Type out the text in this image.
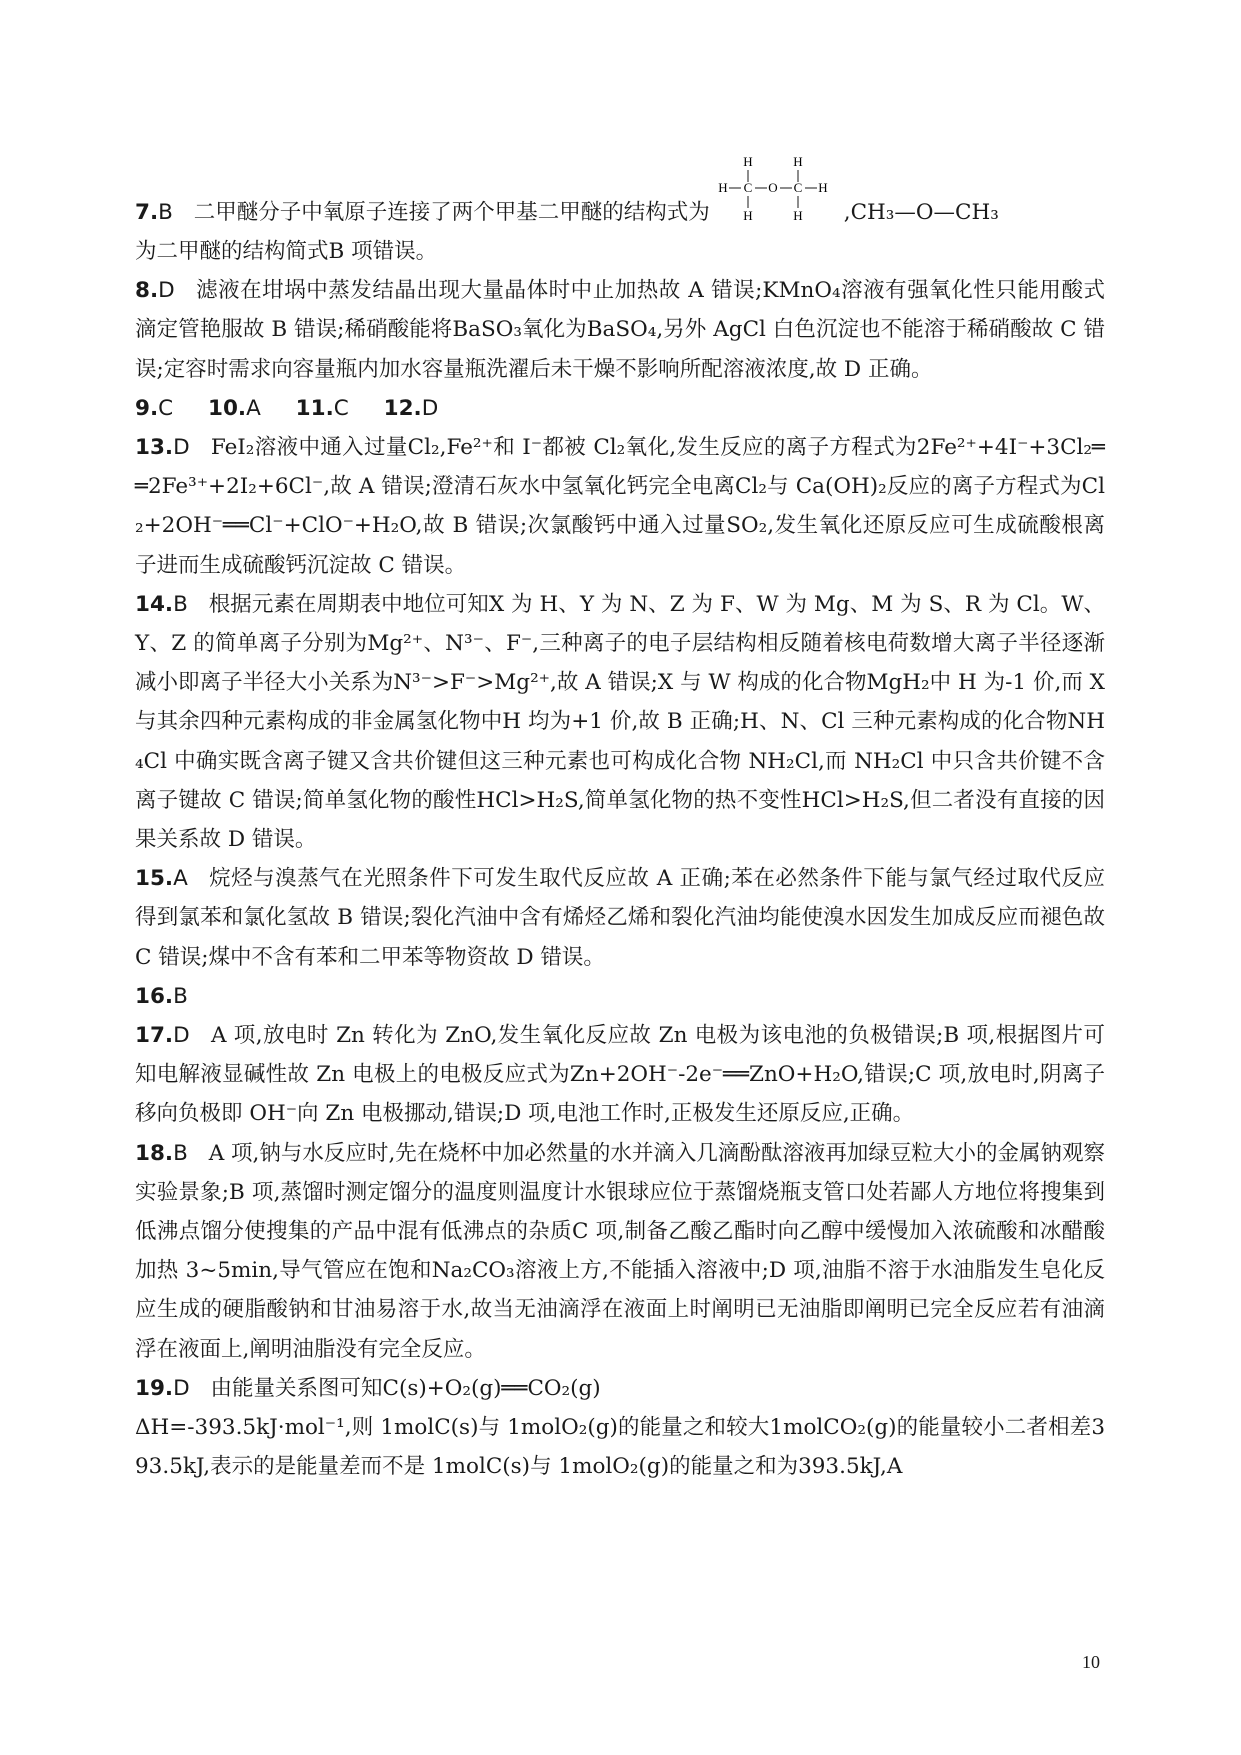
7.B 二甲醚分子中氧原子连接了两个甲基二甲醚的结构式为
H	H
H C O C H
H	H ,CH₃—O—CH₃

为二甲醚的结构简式B 项错误。

8.D 滤液在坩埚中蒸发结晶出现大量晶体时中止加热故 A 错误;KMnO₄溶液有强氧化性只能用酸式滴定管艳服故 B 错误;稀硝酸能将BaSO₃氧化为BaSO₄,另外 AgCl 白色沉淀也不能溶于稀硝酸故 C 错误;定容时需求向容量瓶内加水容量瓶洗濯后未干燥不影响所配溶液浓度,故 D 正确。

9.C 10.A 11.C 12.D

13.D FeI₂溶液中通入过量Cl₂,Fe²⁺和 I⁻都被 Cl₂氧化,发生反应的离子方程式为2Fe²⁺+4I⁻+3Cl₂══2Fe³⁺+2I₂+6Cl⁻,故 A 错误;澄清石灰水中氢氧化钙完全电离Cl₂与 Ca(OH)₂反应的离子方程式为Cl₂+2OH⁻══Cl⁻+ClO⁻+H₂O,故 B 错误;次氯酸钙中通入过量SO₂,发生氧化还原反应可生成硫酸根离子进而生成硫酸钙沉淀故 C 错误。

14.B 根据元素在周期表中地位可知X 为 H、Y 为 N、Z 为 F、W 为 Mg、M 为 S、R 为 Cl。W、Y、Z 的简单离子分别为Mg²⁺、N³⁻、F⁻,三种离子的电子层结构相反随着核电荷数增大离子半径逐渐减小即离子半径大小关系为N³⁻>F⁻>Mg²⁺,故 A 错误;X 与 W 构成的化合物MgH₂中 H 为-1 价,而 X 与其余四种元素构成的非金属氢化物中H 均为+1 价,故 B 正确;H、N、Cl 三种元素构成的化合物NH₄Cl 中确实既含离子键又含共价键但这三种元素也可构成化合物 NH₂Cl,而 NH₂Cl 中只含共价键不含离子键故 C 错误;简单氢化物的酸性HCl>H₂S,简单氢化物的热不变性HCl>H₂S,但二者没有直接的因果关系故 D 错误。

15.A 烷烃与溴蒸气在光照条件下可发生取代反应故 A 正确;苯在必然条件下能与氯气经过取代反应得到氯苯和氯化氢故 B 错误;裂化汽油中含有烯烃乙烯和裂化汽油均能使溴水因发生加成反应而褪色故 C 错误;煤中不含有苯和二甲苯等物资故 D 错误。

16.B

17.D A 项,放电时 Zn 转化为 ZnO,发生氧化反应故 Zn 电极为该电池的负极错误;B 项,根据图片可知电解液显碱性故 Zn 电极上的电极反应式为Zn+2OH⁻-2e⁻══ZnO+H₂O,错误;C 项,放电时,阴离子移向负极即 OH⁻向 Zn 电极挪动,错误;D 项,电池工作时,正极发生还原反应,正确。

18.B A 项,钠与水反应时,先在烧杯中加必然量的水并滴入几滴酚酞溶液再加绿豆粒大小的金属钠观察实验景象;B 项,蒸馏时测定馏分的温度则温度计水银球应位于蒸馏烧瓶支管口处若鄙人方地位将搜集到低沸点馏分使搜集的产品中混有低沸点的杂质C 项,制备乙酸乙酯时向乙醇中缓慢加入浓硫酸和冰醋酸加热 3~5min,导气管应在饱和Na₂CO₃溶液上方,不能插入溶液中;D 项,油脂不溶于水油脂发生皂化反应生成的硬脂酸钠和甘油易溶于水,故当无油滴浮在液面上时阐明已无油脂即阐明已完全反应若有油滴浮在液面上,阐明油脂没有完全反应。

19.D 由能量关系图可知C(s)+O₂(g)══CO₂(g)

ΔH=-393.5kJ·mol⁻¹,则 1molC(s)与 1molO₂(g)的能量之和较大1molCO₂(g)的能量较小二者相差393.5kJ,表示的是能量差而不是 1molC(s)与 1molO₂(g)的能量之和为393.5kJ,A

10
